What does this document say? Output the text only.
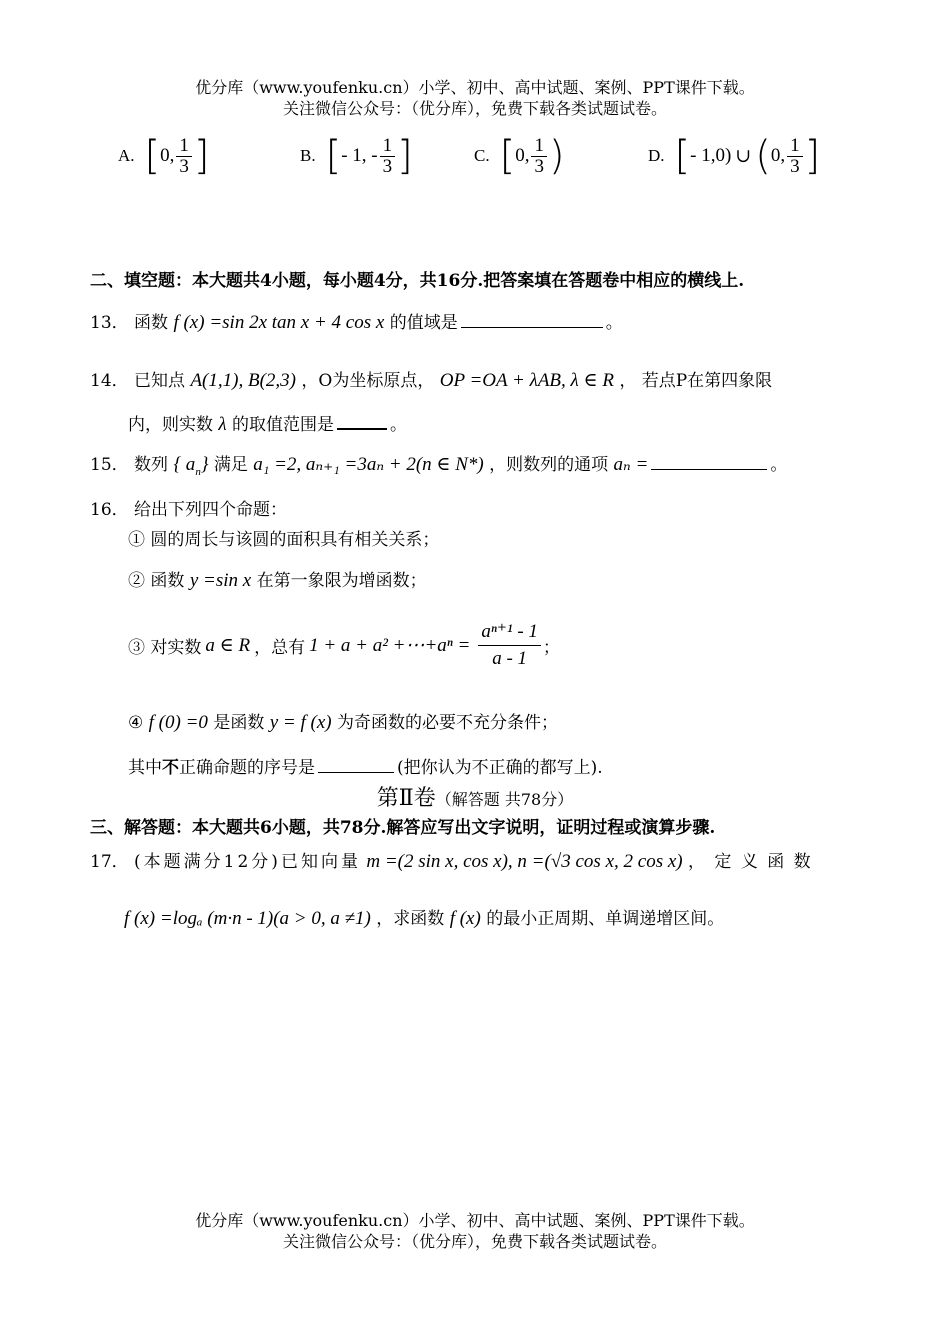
优分库（www.youfenku.cn）小学、初中、高中试题、案例、PPT课件下载。
关注微信公众号：（优分库），免费下载各类试题试卷。
A. [ 0, $\frac{1}{3}$ ]	B. [ - 1, - $\frac{1}{3}$ ]	C. [ 0, $\frac{1}{3}$ )	D. [ - 1,0) ∪ ( 0, $\frac{1}{3}$ ]
二、填空题：本大题共4小题，每小题4分，共16分.把答案填在答题卷中相应的横线上.
13． 函数 f (x) =sin 2x tan x + 4 cos x 的值域是	。
14． 已知点 A(1,1), B(2,3) ，O为坐标原点， OP =OA + λAB, λ ∈ R ， 若点P在第四象限
内，则实数 λ 的取值范围是	。
15． 数列 { $a_n$} 满足 a₁ =2, aₙ₊₁ =3aₙ + 2(n ∈ N*) ，则数列的通项 aₙ =	。
16． 给出下列四个命题：
① 圆的周长与该圆的面积具有相关关系；
② 函数 y =sin x 在第一象限为增函数；
③ 对实数 a ∈ R ，总有 1 + a + a² +⋯+aⁿ = $\frac{\text{aⁿ⁺¹ - 1}}{a - 1}$ ；
④ f (0) =0 是函数 y = f (x) 为奇函数的必要不充分条件；
其中不正确命题的序号是	(把你认为不正确的都写上).
第Ⅱ卷（解答题 共78分）
三、解答题：本大题共6小题，共78分.解答应写出文字说明，证明过程或演算步骤.
17． (本题满分12分)已知向量 m =(2 sin x, cos x), n =(√3 cos x, 2 cos x) ， 定 义 函 数
f (x) =logₐ (m·n - 1)(a > 0, a ≠1) ，求函数 f (x) 的最小正周期、单调递增区间。
优分库（www.youfenku.cn）小学、初中、高中试题、案例、PPT课件下载。
关注微信公众号：（优分库），免费下载各类试题试卷。
